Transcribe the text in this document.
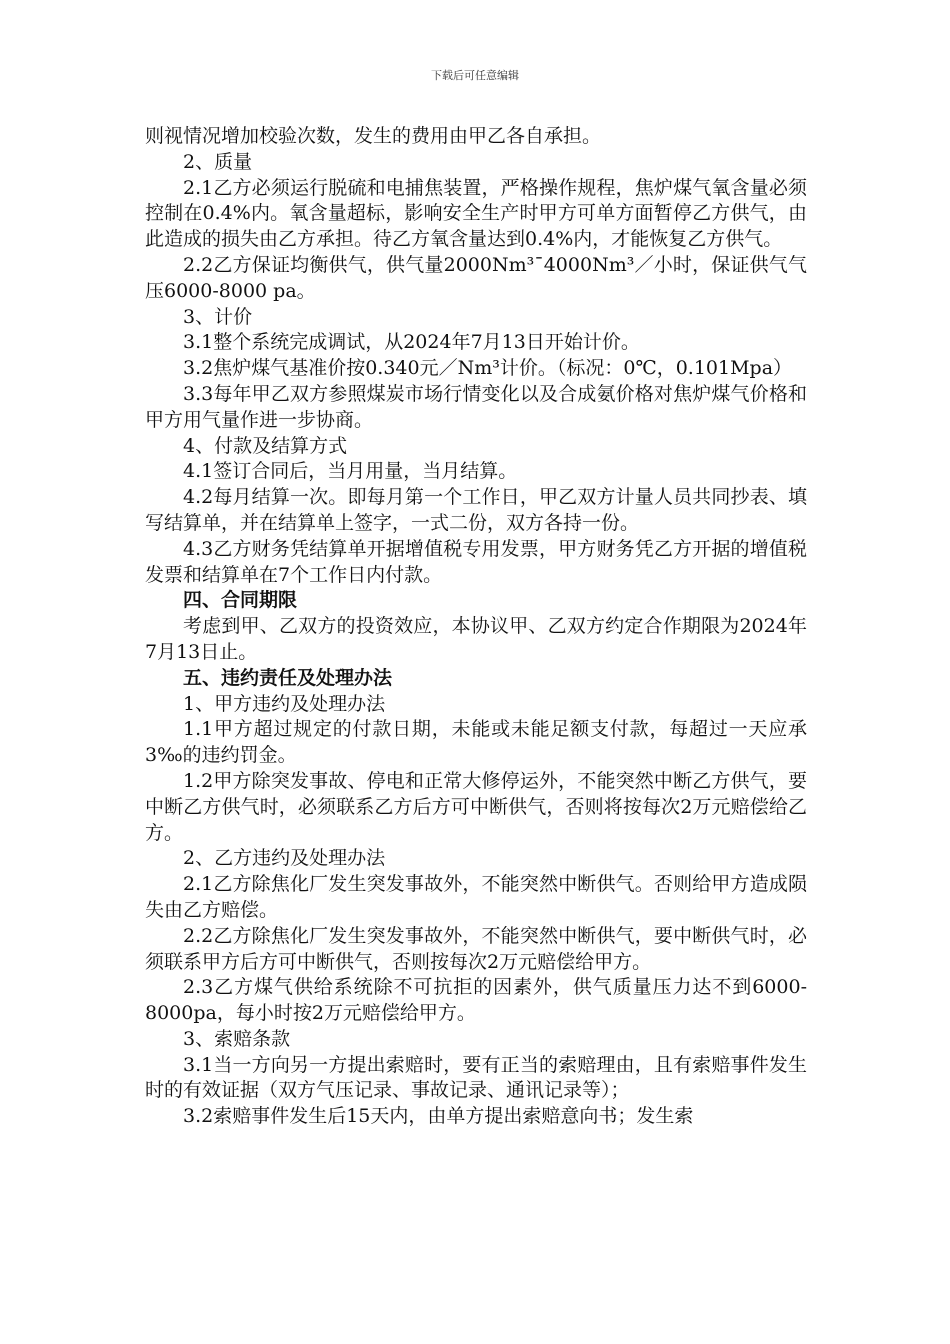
下载后可任意编辑

则视情况增加校验次数，发生的费用由甲乙各自承担。

2、质量

2.1乙方必须运行脱硫和电捕焦装置，严格操作规程，焦炉煤气氧含量必须控制在0.4%内。氧含量超标，影响安全生产时甲方可单方面暂停乙方供气，由此造成的损失由乙方承担。待乙方氧含量达到0.4%内，才能恢复乙方供气。

2.2乙方保证均衡供气，供气量2000Nm³¯4000Nm³／小时，保证供气气压6000-8000 pa。

3、计价

3.1整个系统完成调试，从2024年7月13日开始计价。

3.2焦炉煤气基准价按0.340元／Nm³计价。（标况：0℃，0.101Mpa）

3.3每年甲乙双方参照煤炭市场行情变化以及合成氨价格对焦炉煤气价格和甲方用气量作进一步协商。

4、付款及结算方式

4.1签订合同后，当月用量，当月结算。

4.2每月结算一次。即每月第一个工作日，甲乙双方计量人员共同抄表、填写结算单，并在结算单上签字，一式二份，双方各持一份。

4.3乙方财务凭结算单开据增值税专用发票，甲方财务凭乙方开据的增值税发票和结算单在7个工作日内付款。

四、合同期限

考虑到甲、乙双方的投资效应，本协议甲、乙双方约定合作期限为2024年7月13日止。

五、违约责任及处理办法

1、甲方违约及处理办法

1.1甲方超过规定的付款日期，未能或未能足额支付款，每超过一天应承3‰的违约罚金。

1.2甲方除突发事故、停电和正常大修停运外，不能突然中断乙方供气，要中断乙方供气时，必须联系乙方后方可中断供气，否则将按每次2万元赔偿给乙方。

2、乙方违约及处理办法

2.1乙方除焦化厂发生突发事故外，不能突然中断供气。否则给甲方造成陨失由乙方赔偿。

2.2乙方除焦化厂发生突发事故外，不能突然中断供气，要中断供气时，必须联系甲方后方可中断供气，否则按每次2万元赔偿给甲方。

2.3乙方煤气供给系统除不可抗拒的因素外，供气质量压力达不到6000-8000pa，每小时按2万元赔偿给甲方。

3、索赔条款

3.1当一方向另一方提出索赔时，要有正当的索赔理由，且有索赔事件发生时的有效证据（双方气压记录、事故记录、通讯记录等）；

3.2索赔事件发生后15天内，由单方提出索赔意向书；发生索
